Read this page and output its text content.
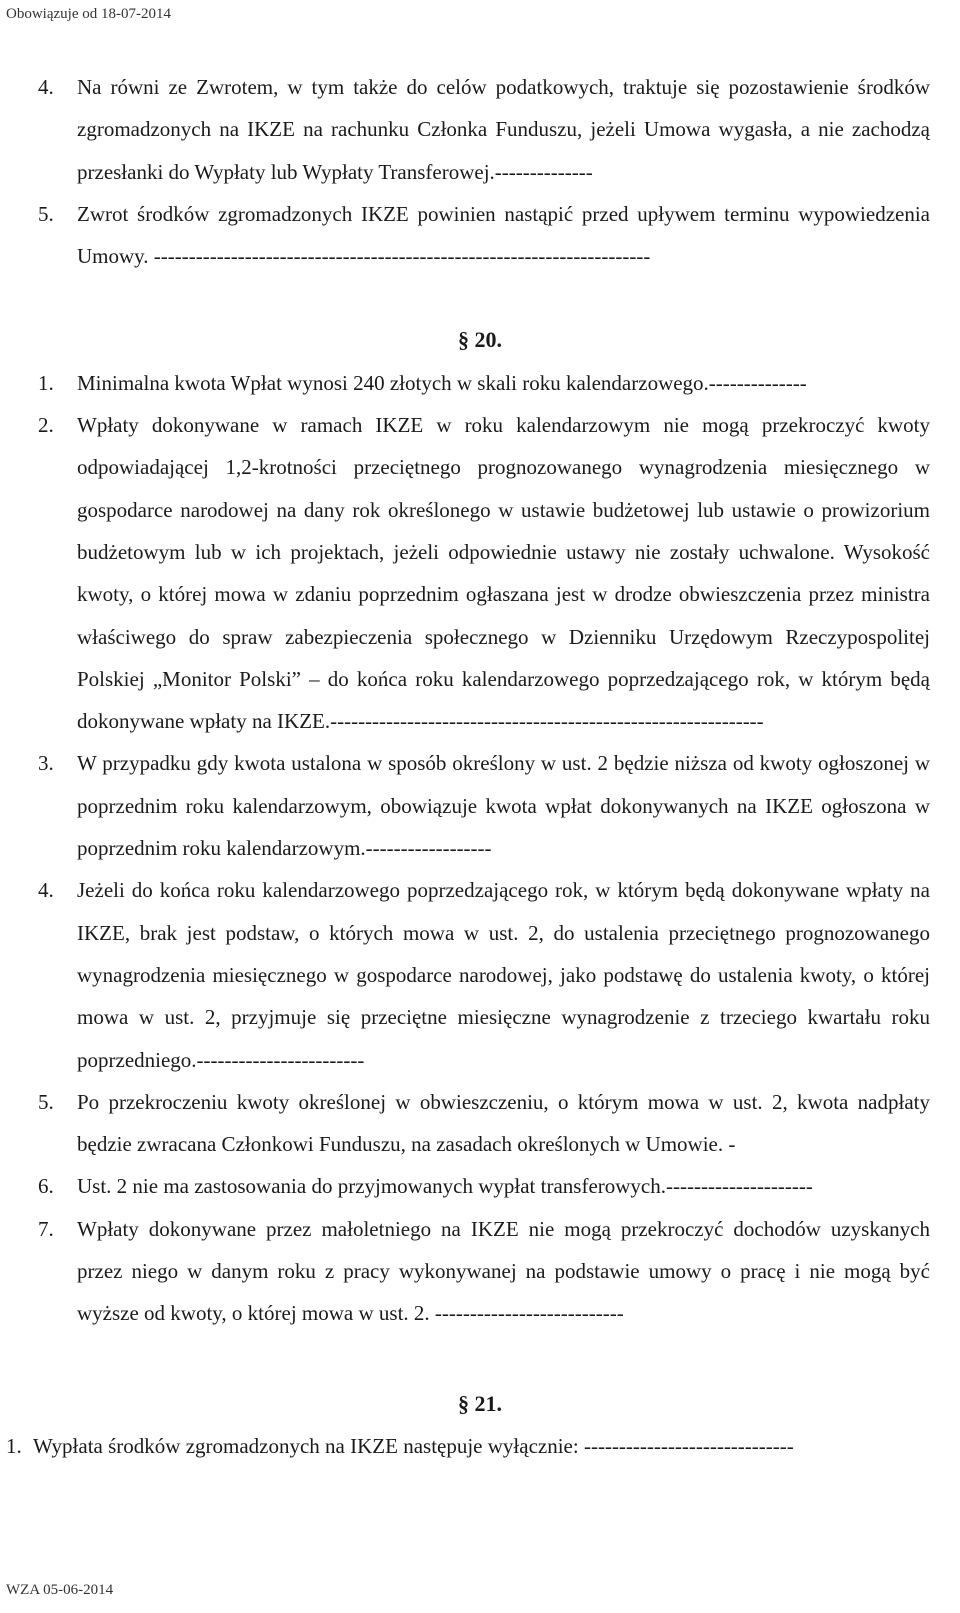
Obowiązuje od 18-07-2014
4. Na równi ze Zwrotem, w tym także do celów podatkowych, traktuje się pozostawienie środków zgromadzonych na IKZE na rachunku Członka Funduszu, jeżeli Umowa wygasła, a nie zachodzą przesłanki do Wypłaty lub Wypłaty Transferowej.--------------
5. Zwrot środków zgromadzonych IKZE powinien nastąpić przed upływem terminu wypowiedzenia Umowy. -----------------------------------------------------------------------
§ 20.
1. Minimalna kwota Wpłat wynosi 240 złotych w skali roku kalendarzowego.--------------
2. Wpłaty dokonywane w ramach IKZE w roku kalendarzowym nie mogą przekroczyć kwoty odpowiadającej 1,2-krotności przeciętnego prognozowanego wynagrodzenia miesięcznego w gospodarce narodowej na dany rok określonego w ustawie budżetowej lub ustawie o prowizorium budżetowym lub w ich projektach, jeżeli odpowiednie ustawy nie zostały uchwalone. Wysokość kwoty, o której mowa w zdaniu poprzednim ogłaszana jest w drodze obwieszczenia przez ministra właściwego do spraw zabezpieczenia społecznego w Dzienniku Urzędowym Rzeczypospolitej Polskiej „Monitor Polski” – do końca roku kalendarzowego poprzedzającego rok, w którym będą dokonywane wpłaty na IKZE.--------------------------------------------------------------
3. W przypadku gdy kwota ustalona w sposób określony w ust. 2 będzie niższa od kwoty ogłoszonej w poprzednim roku kalendarzowym, obowiązuje kwota wpłat dokonywanych na IKZE ogłoszona w poprzednim roku kalendarzowym.------------------
4. Jeżeli do końca roku kalendarzowego poprzedzającego rok, w którym będą dokonywane wpłaty na IKZE, brak jest podstaw, o których mowa w ust. 2, do ustalenia przeciętnego prognozowanego wynagrodzenia miesięcznego w gospodarce narodowej, jako podstawę do ustalenia kwoty, o której mowa w ust. 2, przyjmuje się przeciętne miesięczne wynagrodzenie z trzeciego kwartału roku poprzedniego.------------------------
5. Po przekroczeniu kwoty określonej w obwieszczeniu, o którym mowa w ust. 2, kwota nadpłaty będzie zwracana Członkowi Funduszu, na zasadach określonych w Umowie. -
6. Ust. 2 nie ma zastosowania do przyjmowanych wypłat transferowych.---------------------
7. Wpłaty dokonywane przez małoletniego na IKZE nie mogą przekroczyć dochodów uzyskanych przez niego w danym roku z pracy wykonywanej na podstawie umowy o pracę i nie mogą być wyższe od kwoty, o której mowa w ust. 2. ---------------------------
§ 21.
1. Wypłata środków zgromadzonych na IKZE następuje wyłącznie: ------------------------------
WZA 05-06-2014
